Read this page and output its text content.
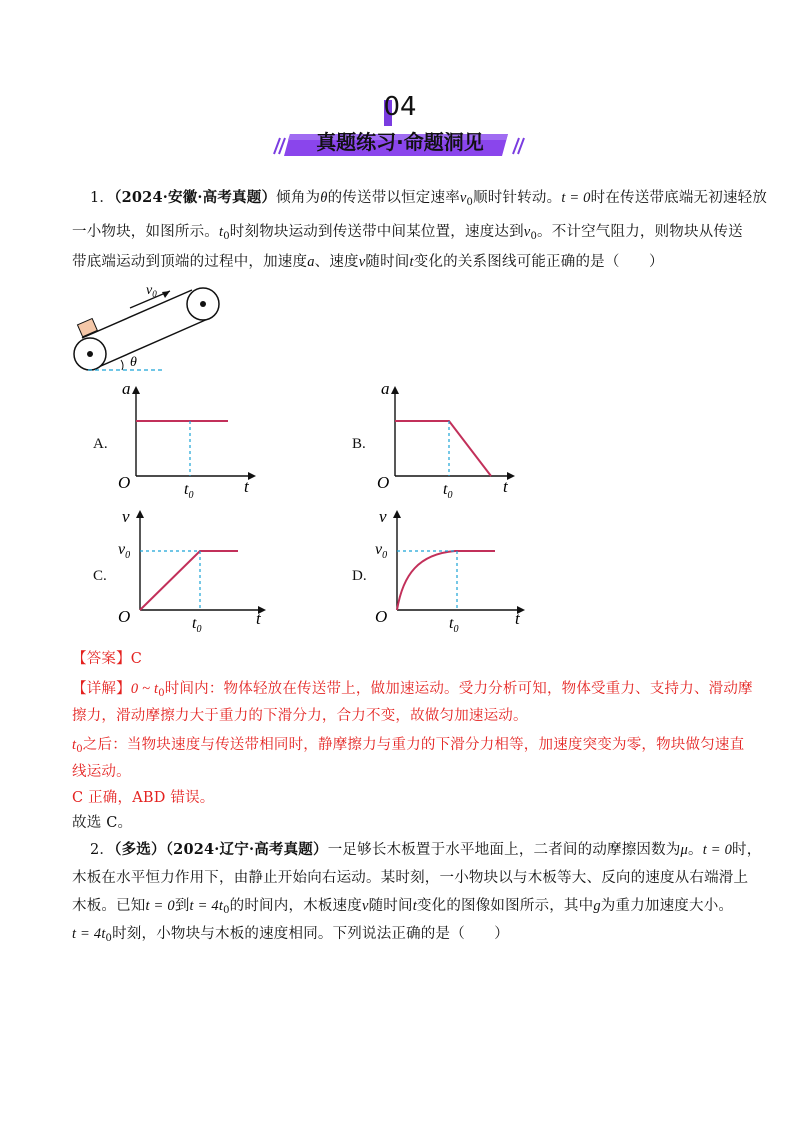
04
真题练习·命题洞见
1．（2024·安徽·高考真题）倾角为θ的传送带以恒定速率$v_0$顺时针转动。t = 0时在传送带底端无初速轻放
一小物块，如图所示。$t_0$时刻物块运动到传送带中间某位置，速度达到$v_0$。不计空气阻力，则物块从传送
带底端运动到顶端的过程中，加速度a、速度v随时间t变化的关系图线可能正确的是（　　）
θ
$v_0$
A.
a
O	$t_0$	t
B.
a
O	$t_0$	t
C.
v
$v_0$
O	$t_0$
t
D.
v
$v_0$
O	$t_0$
t
【答案】C
【详解】0 ~ $t_0$时间内：物体轻放在传送带上，做加速运动。受力分析可知，物体受重力、支持力、滑动摩
擦力，滑动摩擦力大于重力的下滑分力，合力不变，故做匀加速运动。
$t_0$之后：当物块速度与传送带相同时，静摩擦力与重力的下滑分力相等，加速度突变为零，物块做匀速直
线运动。
C 正确，ABD 错误。
故选 C。
2．（多选）（2024·辽宁·高考真题）一足够长木板置于水平地面上，二者间的动摩擦因数为μ。t = 0时，
木板在水平恒力作用下，由静止开始向右运动。某时刻，一小物块以与木板等大、反向的速度从右端滑上
木板。已知t = 0到$t = 4t_0$的时间内，木板速度v随时间t变化的图像如图所示，其中g为重力加速度大小。
$t = 4t_0$时刻，小物块与木板的速度相同。下列说法正确的是（　　）
